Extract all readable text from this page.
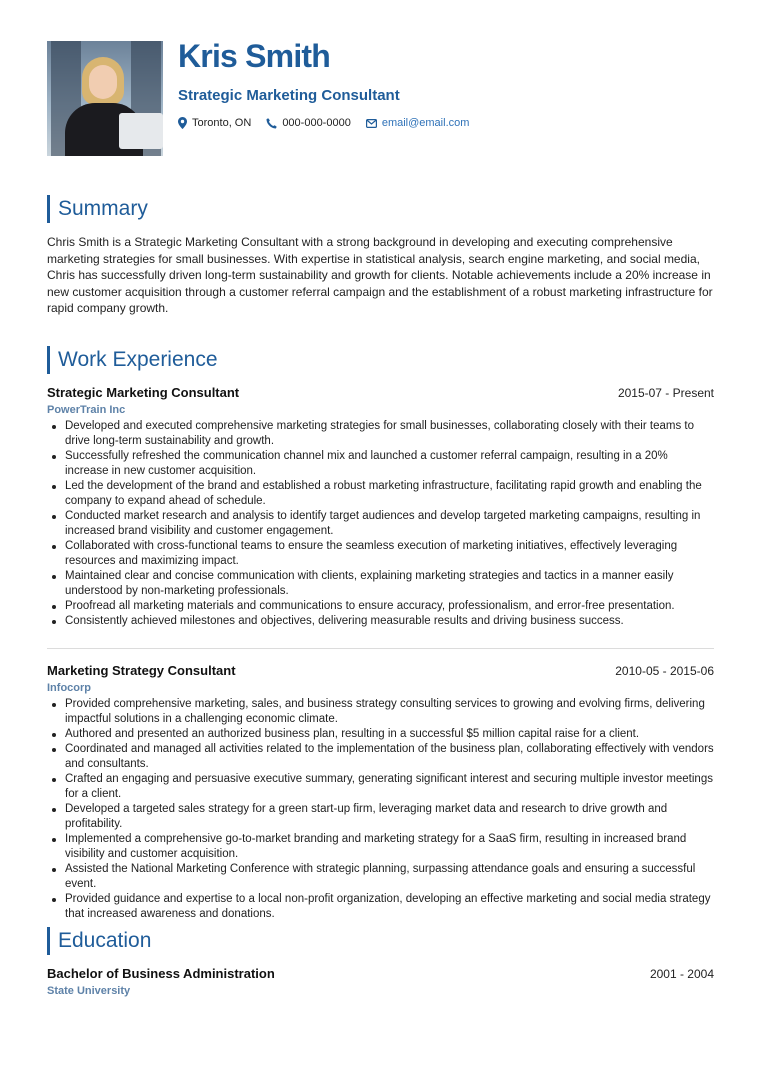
Kris Smith
Strategic Marketing Consultant
Toronto, ON	000-000-0000	email@email.com
Summary

Chris Smith is a Strategic Marketing Consultant with a strong background in developing and executing comprehensive marketing strategies for small businesses. With expertise in statistical analysis, search engine marketing, and social media, Chris has successfully driven long-term sustainability and growth for clients. Notable achievements include a 20% increase in new customer acquisition through a customer referral campaign and the establishment of a robust marketing infrastructure for rapid company growth.

Work Experience
Strategic Marketing Consultant	2015-07 - Present
PowerTrain Inc
Developed and executed comprehensive marketing strategies for small businesses, collaborating closely with their teams to drive long-term sustainability and growth.
Successfully refreshed the communication channel mix and launched a customer referral campaign, resulting in a 20% increase in new customer acquisition.
Led the development of the brand and established a robust marketing infrastructure, facilitating rapid growth and enabling the company to expand ahead of schedule.
Conducted market research and analysis to identify target audiences and develop targeted marketing campaigns, resulting in increased brand visibility and customer engagement.
Collaborated with cross-functional teams to ensure the seamless execution of marketing initiatives, effectively leveraging resources and maximizing impact.
Maintained clear and concise communication with clients, explaining marketing strategies and tactics in a manner easily understood by non-marketing professionals.
Proofread all marketing materials and communications to ensure accuracy, professionalism, and error-free presentation.
Consistently achieved milestones and objectives, delivering measurable results and driving business success.
Marketing Strategy Consultant	2010-05 - 2015-06
Infocorp
Provided comprehensive marketing, sales, and business strategy consulting services to growing and evolving firms, delivering impactful solutions in a challenging economic climate.
Authored and presented an authorized business plan, resulting in a successful $5 million capital raise for a client.
Coordinated and managed all activities related to the implementation of the business plan, collaborating effectively with vendors and consultants.
Crafted an engaging and persuasive executive summary, generating significant interest and securing multiple investor meetings for a client.
Developed a targeted sales strategy for a green start-up firm, leveraging market data and research to drive growth and profitability.
Implemented a comprehensive go-to-market branding and marketing strategy for a SaaS firm, resulting in increased brand visibility and customer acquisition.
Assisted the National Marketing Conference with strategic planning, surpassing attendance goals and ensuring a successful event.
Provided guidance and expertise to a local non-profit organization, developing an effective marketing and social media strategy that increased awareness and donations.
Education
Bachelor of Business Administration	2001 - 2004
State University
